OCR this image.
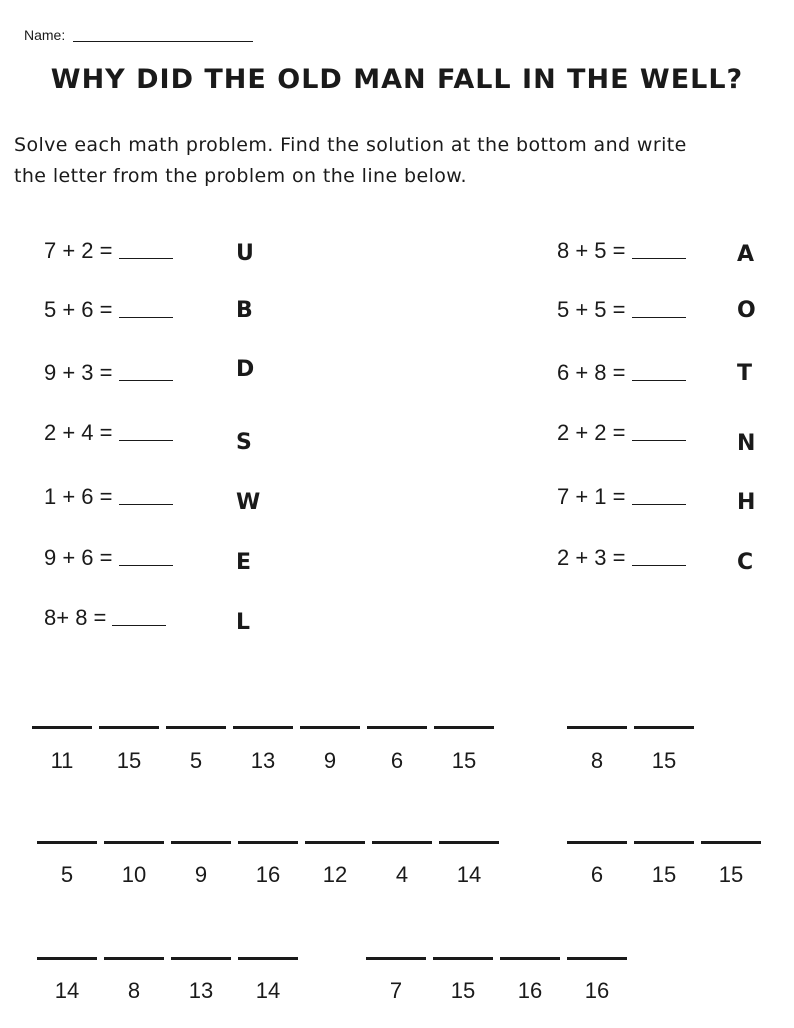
Name:
WHY DID THE OLD MAN FALL IN THE WELL?
Solve each math problem. Find the solution at the bottom and write
the letter from the problem on the line below.
7 + 2 =	U
5 + 6 =	B
9 + 3 =	D
2 + 4 =	S
1 + 6 =	W
9 + 6 =	E
8+ 8 =	L
8 + 5 =	A
5 + 5 =	O
6 + 8 =	T
2 + 2 =	N
7 + 1 =	H
2 + 3 =	C
11	15	5	13	9	6	15	8	15
5	10	9	16	12	4	14	6	15	15
14	8	13	14	7	15	16	16
